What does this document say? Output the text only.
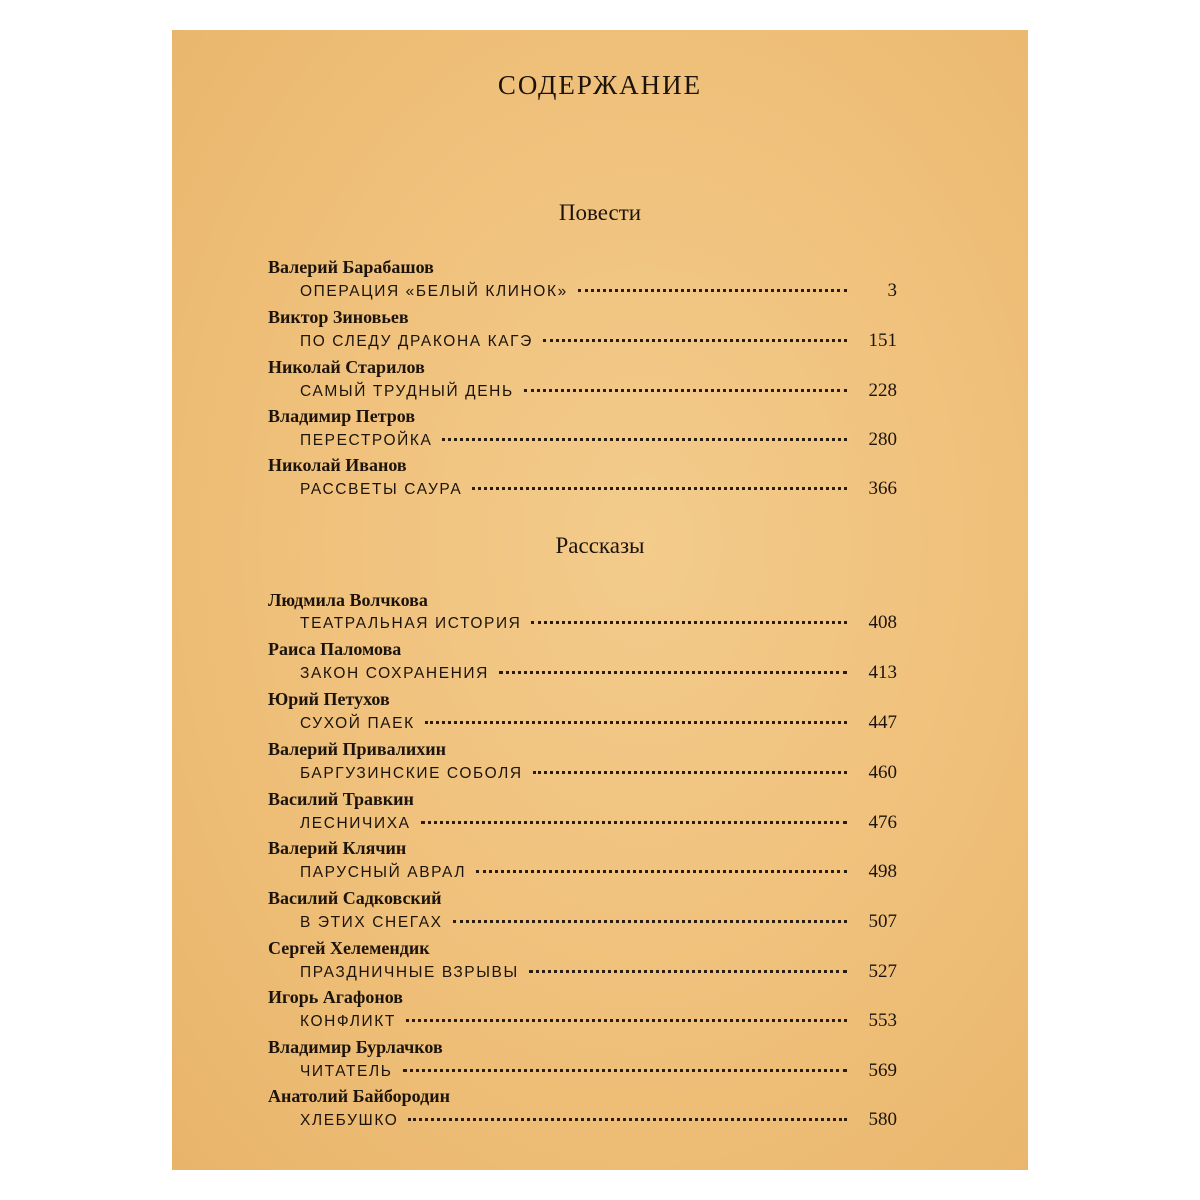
СОДЕРЖАНИЕ
Повести
Валерий Барабашов
ОПЕРАЦИЯ «БЕЛЫЙ КЛИНОК»	3
Виктор Зиновьев
ПО СЛЕДУ ДРАКОНА КАГЭ	151
Николай Старилов
САМЫЙ ТРУДНЫЙ ДЕНЬ	228
Владимир Петров
ПЕРЕСТРОЙКА	280
Николай Иванов
РАССВЕТЫ САУРА	366
Рассказы
Людмила Волчкова
ТЕАТРАЛЬНАЯ ИСТОРИЯ	408
Раиса Паломова
ЗАКОН СОХРАНЕНИЯ	413
Юрий Петухов
СУХОЙ ПАЕК	447
Валерий Привалихин
БАРГУЗИНСКИЕ СОБОЛЯ	460
Василий Травкин
ЛЕСНИЧИХА	476
Валерий Клячин
ПАРУСНЫЙ АВРАЛ	498
Василий Садковский
В ЭТИХ СНЕГАХ	507
Сергей Хелемендик
ПРАЗДНИЧНЫЕ ВЗРЫВЫ	527
Игорь Агафонов
КОНФЛИКТ	553
Владимир Бурлачков
ЧИТАТЕЛЬ	569
Анатолий Байбородин
ХЛЕБУШКО	580
